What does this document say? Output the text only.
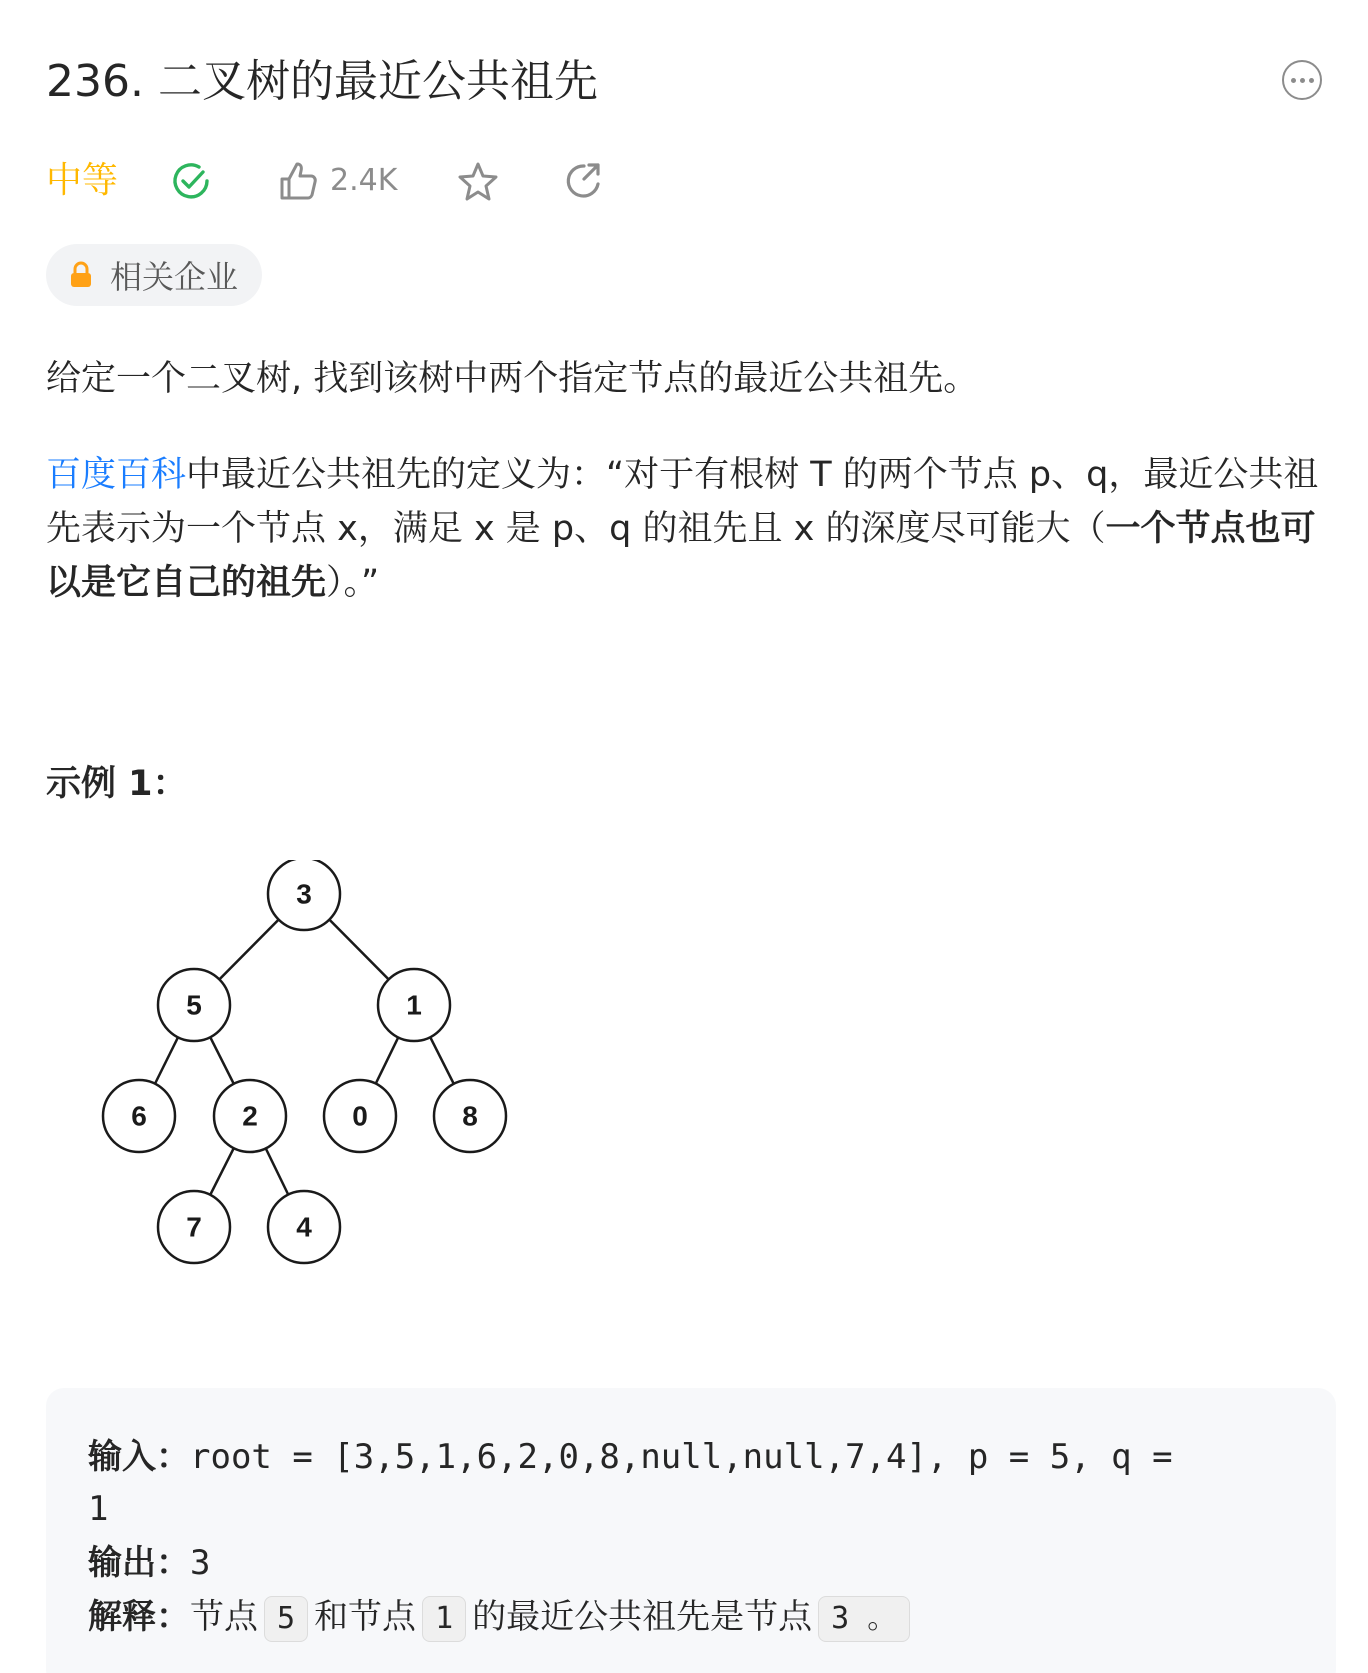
236. 二叉树的最近公共祖先
中等	2.4K
相关企业
给定一个二叉树, 找到该树中两个指定节点的最近公共祖先。
百度百科中最近公共祖先的定义为：“对于有根树 T 的两个节点 p、q，最近公共祖先表示为一个节点 x，满足 x 是 p、q 的祖先且 x 的深度尽可能大（一个节点也可以是它自己的祖先）。”
示例 1：
3
5	1
6	2	0	8
7	4
输入：root = [3,5,1,6,2,0,8,null,null,7,4], p = 5, q =
1
输出：3
解释：节点 5 和节点 1 的最近公共祖先是节点 3 。
